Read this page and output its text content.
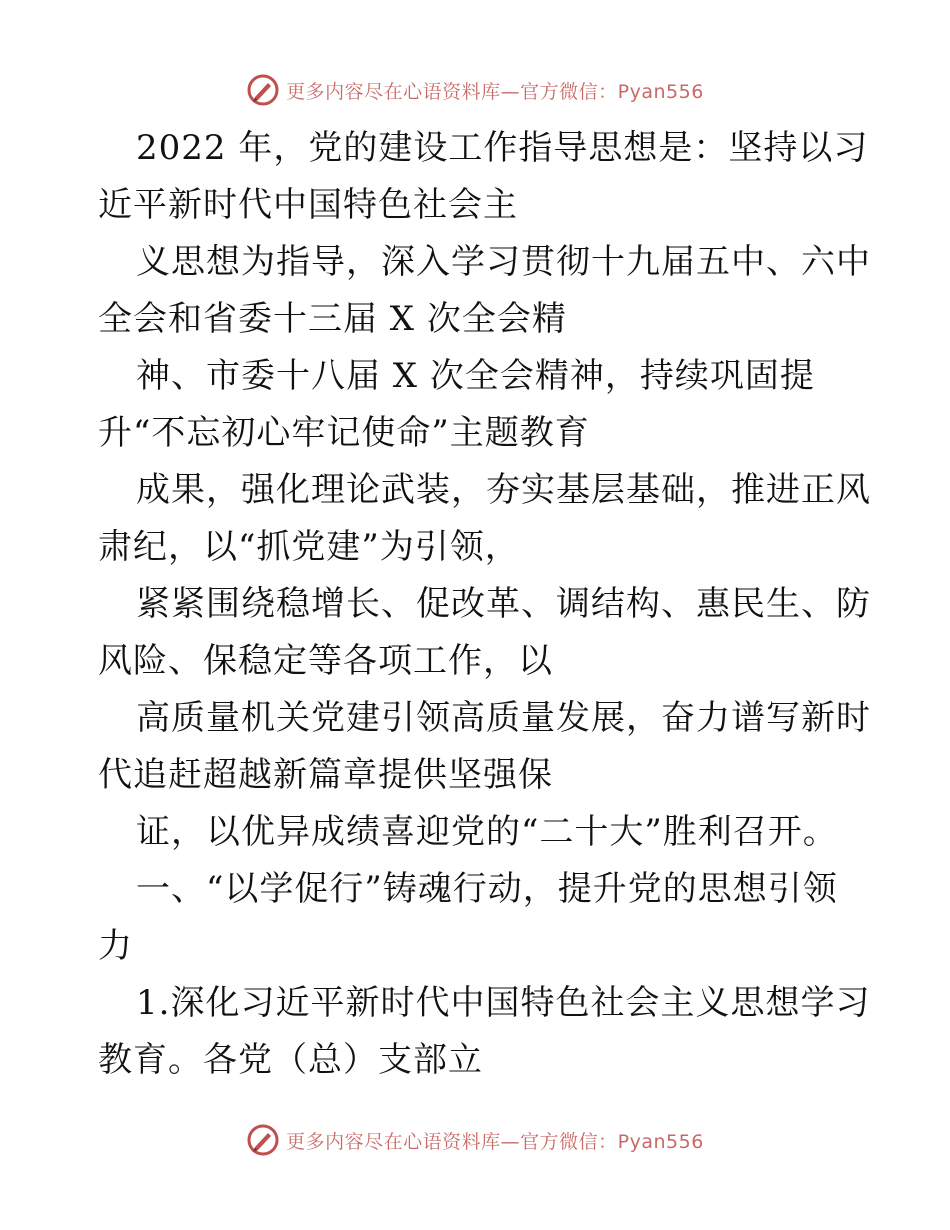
更多内容尽在心语资料库—官方微信：Pyan556
2022 年，党的建设工作指导思想是：坚持以习
近平新时代中国特色社会主
义思想为指导，深入学习贯彻十九届五中、六中
全会和省委十三届 X 次全会精
神、市委十八届 X 次全会精神，持续巩固提
升“不忘初心牢记使命”主题教育
成果，强化理论武装，夯实基层基础，推进正风
肃纪，以“抓党建”为引领，
紧紧围绕稳增长、促改革、调结构、惠民生、防
风险、保稳定等各项工作，以
高质量机关党建引领高质量发展，奋力谱写新时
代追赶超越新篇章提供坚强保
证，以优异成绩喜迎党的“二十大”胜利召开。
一、“以学促行”铸魂行动，提升党的思想引领
力
1.深化习近平新时代中国特色社会主义思想学习
教育。各党（总）支部立
更多内容尽在心语资料库—官方微信：Pyan556
